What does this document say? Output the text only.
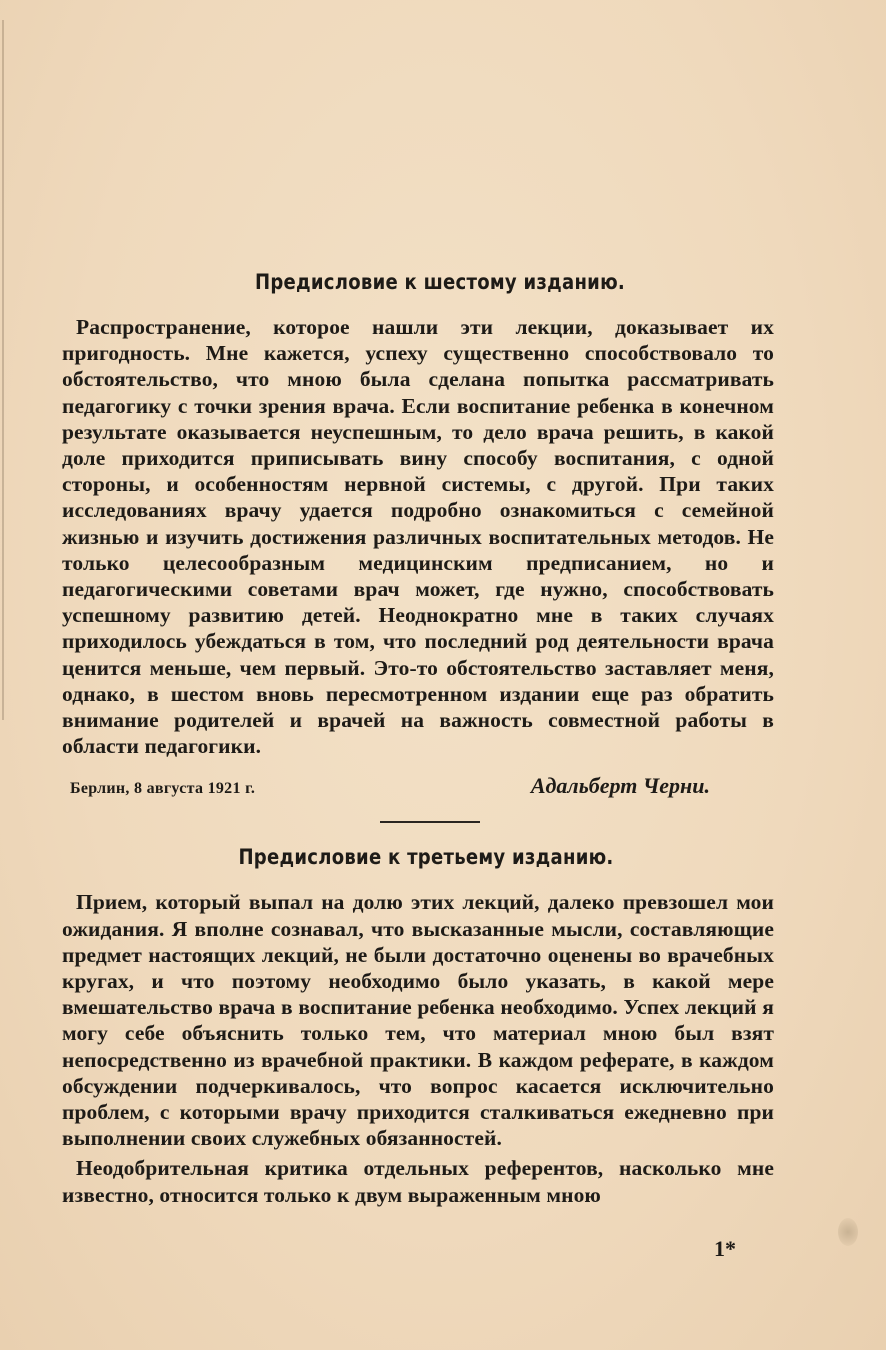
Предисловие к шестому изданию.

Распространение, которое нашли эти лекции, доказывает их пригодность. Мне кажется, успеху существенно способствовало то обстоятельство, что мною была сделана попытка рассматривать педагогику с точки зрения врача. Если воспитание ребенка в конечном результате оказывается неуспешным, то дело врача решить, в какой доле приходится приписывать вину способу воспитания, с одной стороны, и особенностям нервной системы, с другой. При таких исследованиях врачу удается подробно ознакомиться с семейной жизнью и изучить достижения различных воспитательных методов. Не только целесообразным медицинским предписанием, но и педагогическими советами врач может, где нужно, способствовать успешному развитию детей. Неоднократно мне в таких случаях приходилось убеждаться в том, что последний род деятельности врача ценится меньше, чем первый. Это-то обстоятельство заставляет меня, однако, в шестом вновь пересмотренном издании еще раз обратить внимание родителей и врачей на важность совместной работы в области педагогики.

Берлин, 8 августа 1921 г.	Адальберт Черни.
Предисловие к третьему изданию.

Прием, который выпал на долю этих лекций, далеко превзошел мои ожидания. Я вполне сознавал, что высказанные мысли, составляющие предмет настоящих лекций, не были достаточно оценены во врачебных кругах, и что поэтому необходимо было указать, в какой мере вмешательство врача в воспитание ребенка необходимо. Успех лекций я могу себе объяснить только тем, что материал мною был взят непосредственно из врачебной практики. В каждом реферате, в каждом обсуждении подчеркивалось, что вопрос касается исключительно проблем, с которыми врачу приходится сталкиваться ежедневно при выполнении своих служебных обязанностей.

Неодобрительная критика отдельных референтов, насколько мне известно, относится только к двум выраженным мною

1*
